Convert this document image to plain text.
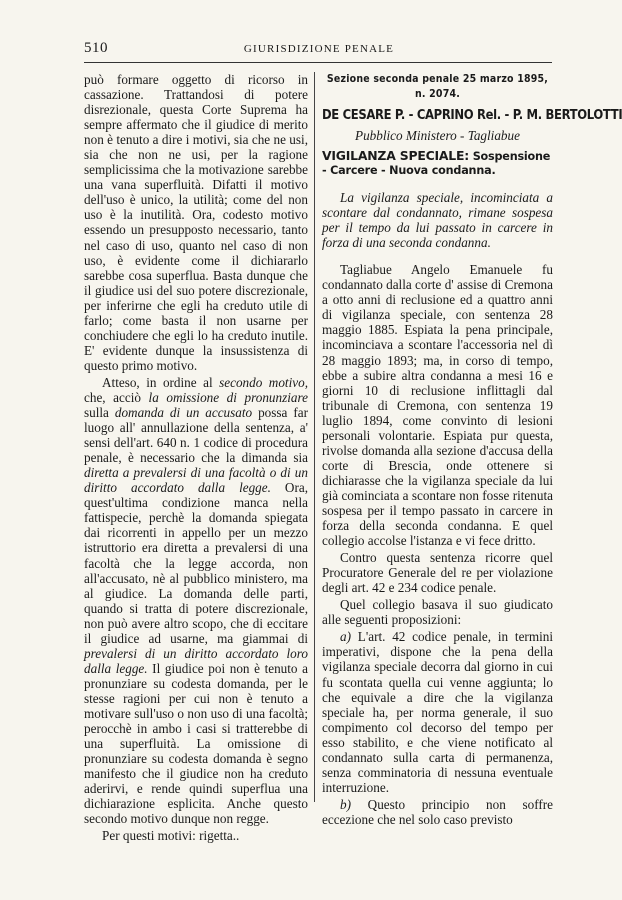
510	GIURISDIZIONE PENALE

può formare oggetto di ricorso in cassazione. Trattandosi di potere disrezionale, questa Corte Suprema ha sempre affermato che il giudice di merito non è tenuto a dire i motivi, sia che ne usi, sia che non ne usi, per la ragione semplicissima che la motivazione sarebbe una vana superfluità. Difatti il motivo dell'uso è unico, la utilità; come del non uso è la inutilità. Ora, codesto motivo essendo un presupposto necessario, tanto nel caso di uso, quanto nel caso di non uso, è evidente come il dichiararlo sarebbe cosa superflua. Basta dunque che il giudice usi del suo potere discrezionale, per inferirne che egli ha creduto utile di farlo; come basta il non usarne per conchiudere che egli lo ha creduto inutile. E' evidente dunque la insussistenza di questo primo motivo.

Atteso, in ordine al secondo motivo, che, acciò la omissione di pronunziare sulla domanda di un accusato possa far luogo all' annullazione della sentenza, a' sensi dell'art. 640 n. 1 codice di procedura penale, è necessario che la dimanda sia diretta a prevalersi di una facoltà o di un diritto accordato dalla legge. Ora, quest'ultima condizione manca nella fattispecie, perchè la domanda spiegata dai ricorrenti in appello per un mezzo istruttorio era diretta a prevalersi di una facoltà che la legge accorda, non all'accusato, nè al pubblico ministero, ma al giudice. La domanda delle parti, quando si tratta di potere discrezionale, non può avere altro scopo, che di eccitare il giudice ad usarne, ma giammai di prevalersi di un diritto accordato loro dalla legge. Il giudice poi non è tenuto a pronunziare su codesta domanda, per le stesse ragioni per cui non è tenuto a motivare sull'uso o non uso di una facoltà; perocchè in ambo i casi si tratterebbe di una superfluità. La omissione di pronunziare su codesta domanda è segno manifesto che il giudice non ha creduto aderirvi, e rende quindi superflua una dichiarazione esplicita. Anche questo secondo motivo dunque non regge.

Per questi motivi: rigetta..

Sezione seconda penale 25 marzo 1895, n. 2074.
DE CESARE P. - CAPRINO Rel. - P. M. BERTOLOTTI
Pubblico Ministero - Tagliabue
VIGILANZA SPECIALE: Sospensione - Carcere - Nuova condanna.

La vigilanza speciale, incominciata a scontare dal condannato, rimane sospesa per il tempo da lui passato in carcere in forza di una seconda condanna.

Tagliabue Angelo Emanuele fu condannato dalla corte d' assise di Cremona a otto anni di reclusione ed a quattro anni di vigilanza speciale, con sentenza 28 maggio 1885. Espiata la pena principale, incominciava a scontare l'accessoria nel dì 28 maggio 1893; ma, in corso di tempo, ebbe a subire altra condanna a mesi 16 e giorni 10 di reclusione inflittagli dal tribunale di Cremona, con sentenza 19 luglio 1894, come convinto di lesioni personali volontarie. Espiata pur questa, rivolse domanda alla sezione d'accusa della corte di Brescia, onde ottenere si dichiarasse che la vigilanza speciale da lui già cominciata a scontare non fosse ritenuta sospesa per il tempo passato in carcere in forza della seconda condanna. E quel collegio accolse l'istanza e vi fece dritto.

Contro questa sentenza ricorre quel Procuratore Generale del re per violazione degli art. 42 e 234 codice penale.

Quel collegio basava il suo giudicato alle seguenti proposizioni:

a) L'art. 42 codice penale, in termini imperativi, dispone che la pena della vigilanza speciale decorra dal giorno in cui fu scontata quella cui venne aggiunta; lo che equivale a dire che la vigilanza speciale ha, per norma generale, il suo compimento col decorso del tempo per esso stabilito, e che viene notificato al condannato sulla carta di permanenza, senza comminatoria di nessuna eventuale interruzione.

b) Questo principio non soffre eccezione che nel solo caso previsto
